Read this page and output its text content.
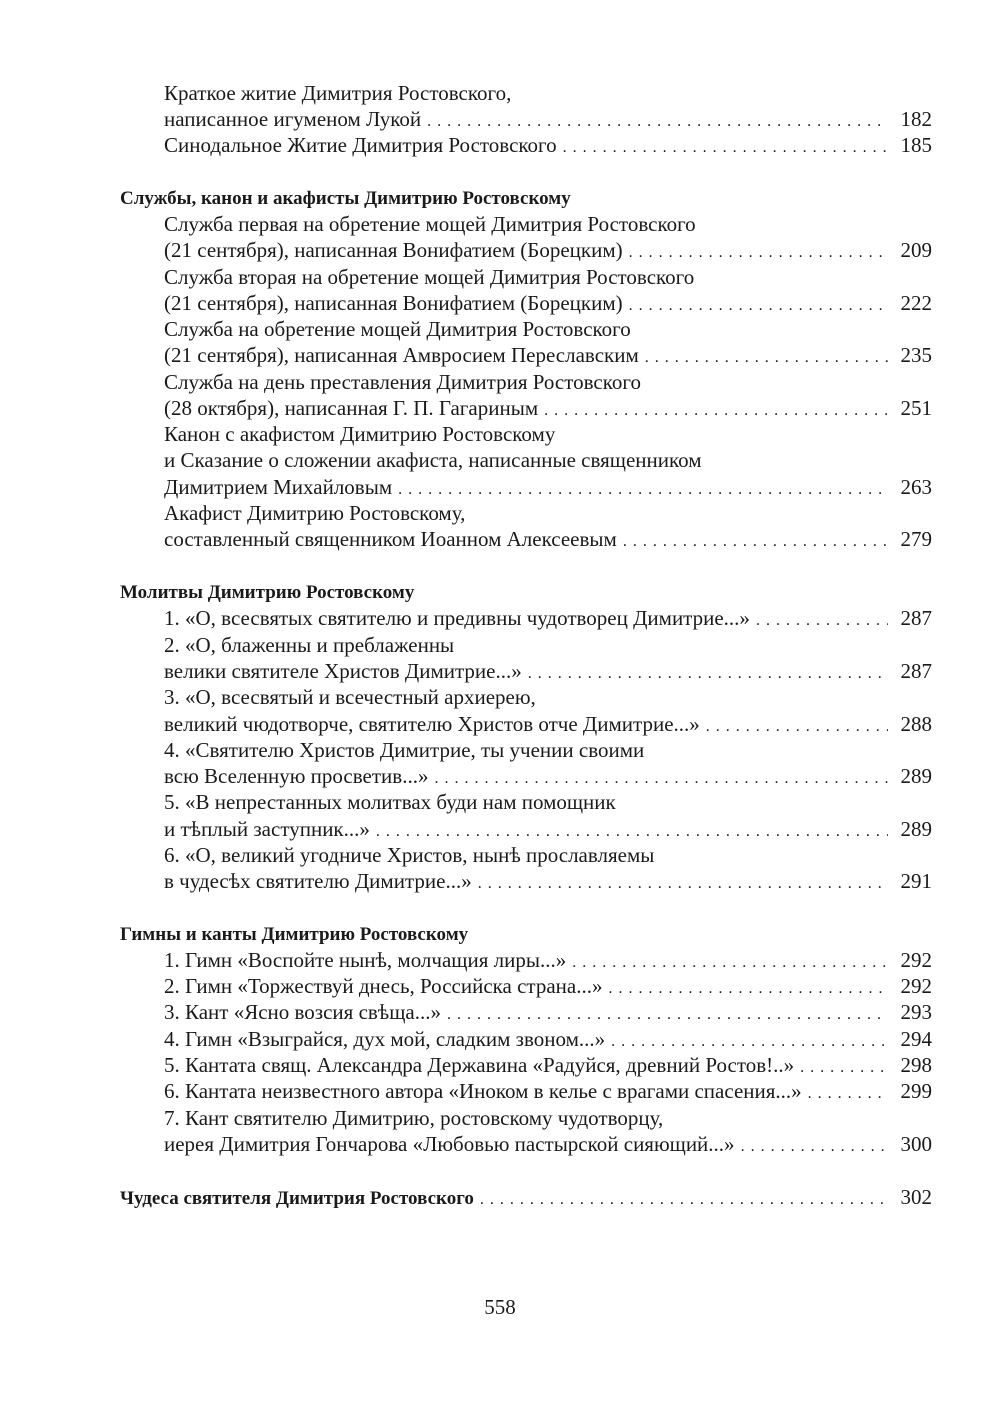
Краткое житие Димитрия Ростовского,
написанное игуменом Лукой . . .	182
Синодальное Житие Димитрия Ростовского . . .	185
Службы, канон и акафисты Димитрию Ростовскому
Служба первая на обретение мощей Димитрия Ростовского
(21 сентября), написанная Вонифатием (Борецким) . . .	209
Служба вторая на обретение мощей Димитрия Ростовского
(21 сентября), написанная Вонифатием (Борецким) . . .	222
Служба на обретение мощей Димитрия Ростовского
(21 сентября), написанная Амвросием Переславским . . .	235
Служба на день преставления Димитрия Ростовского
(28 октября), написанная Г. П. Гагариным . . .	251
Канон с акафистом Димитрию Ростовскому
и Сказание о сложении акафиста, написанные священником
Димитрием Михайловым . . .	263
Акафист Димитрию Ростовскому,
составленный священником Иоанном Алексеевым . . .	279
Молитвы Димитрию Ростовскому
1. «О, всесвятых святителю и предивны чудотворец Димитрие...» . . .	287
2. «О, блаженны и преблаженны
велики святителе Христов Димитрие...» . . .	287
3. «О, всесвятый и всечестный архиерею,
великий чюдотворче, святителю Христов отче Димитрие...» . . .	288
4. «Святителю Христов Димитрие, ты учении своими
всю Вселенную просветив...» . . .	289
5. «В непрестанных молитвах буди нам помощник
и тѣплый заступник...» . . .	289
6. «О, великий угодниче Христов, нынѣ прославляемы
в чудесѣх святителю Димитрие...» . . .	291
Гимны и канты Димитрию Ростовскому
1. Гимн «Воспойте нынѣ, молчащия лиры...» . . .	292
2. Гимн «Торжествуй днесь, Российска страна...» . . .	292
3. Кант «Ясно возсия свѣща...» . . .	293
4. Гимн «Взыграйся, дух мой, сладким звоном...» . . .	294
5. Кантата свящ. Александра Державина «Радуйся, древний Ростов!..» . . .	298
6. Кантата неизвестного автора «Иноком в келье с врагами спасения...» . . .	299
7. Кант святителю Димитрию, ростовскому чудотворцу,
иерея Димитрия Гончарова «Любовью пастырской сияющий...» . . .	300
Чудеса святителя Димитрия Ростовского . . .	302
558
